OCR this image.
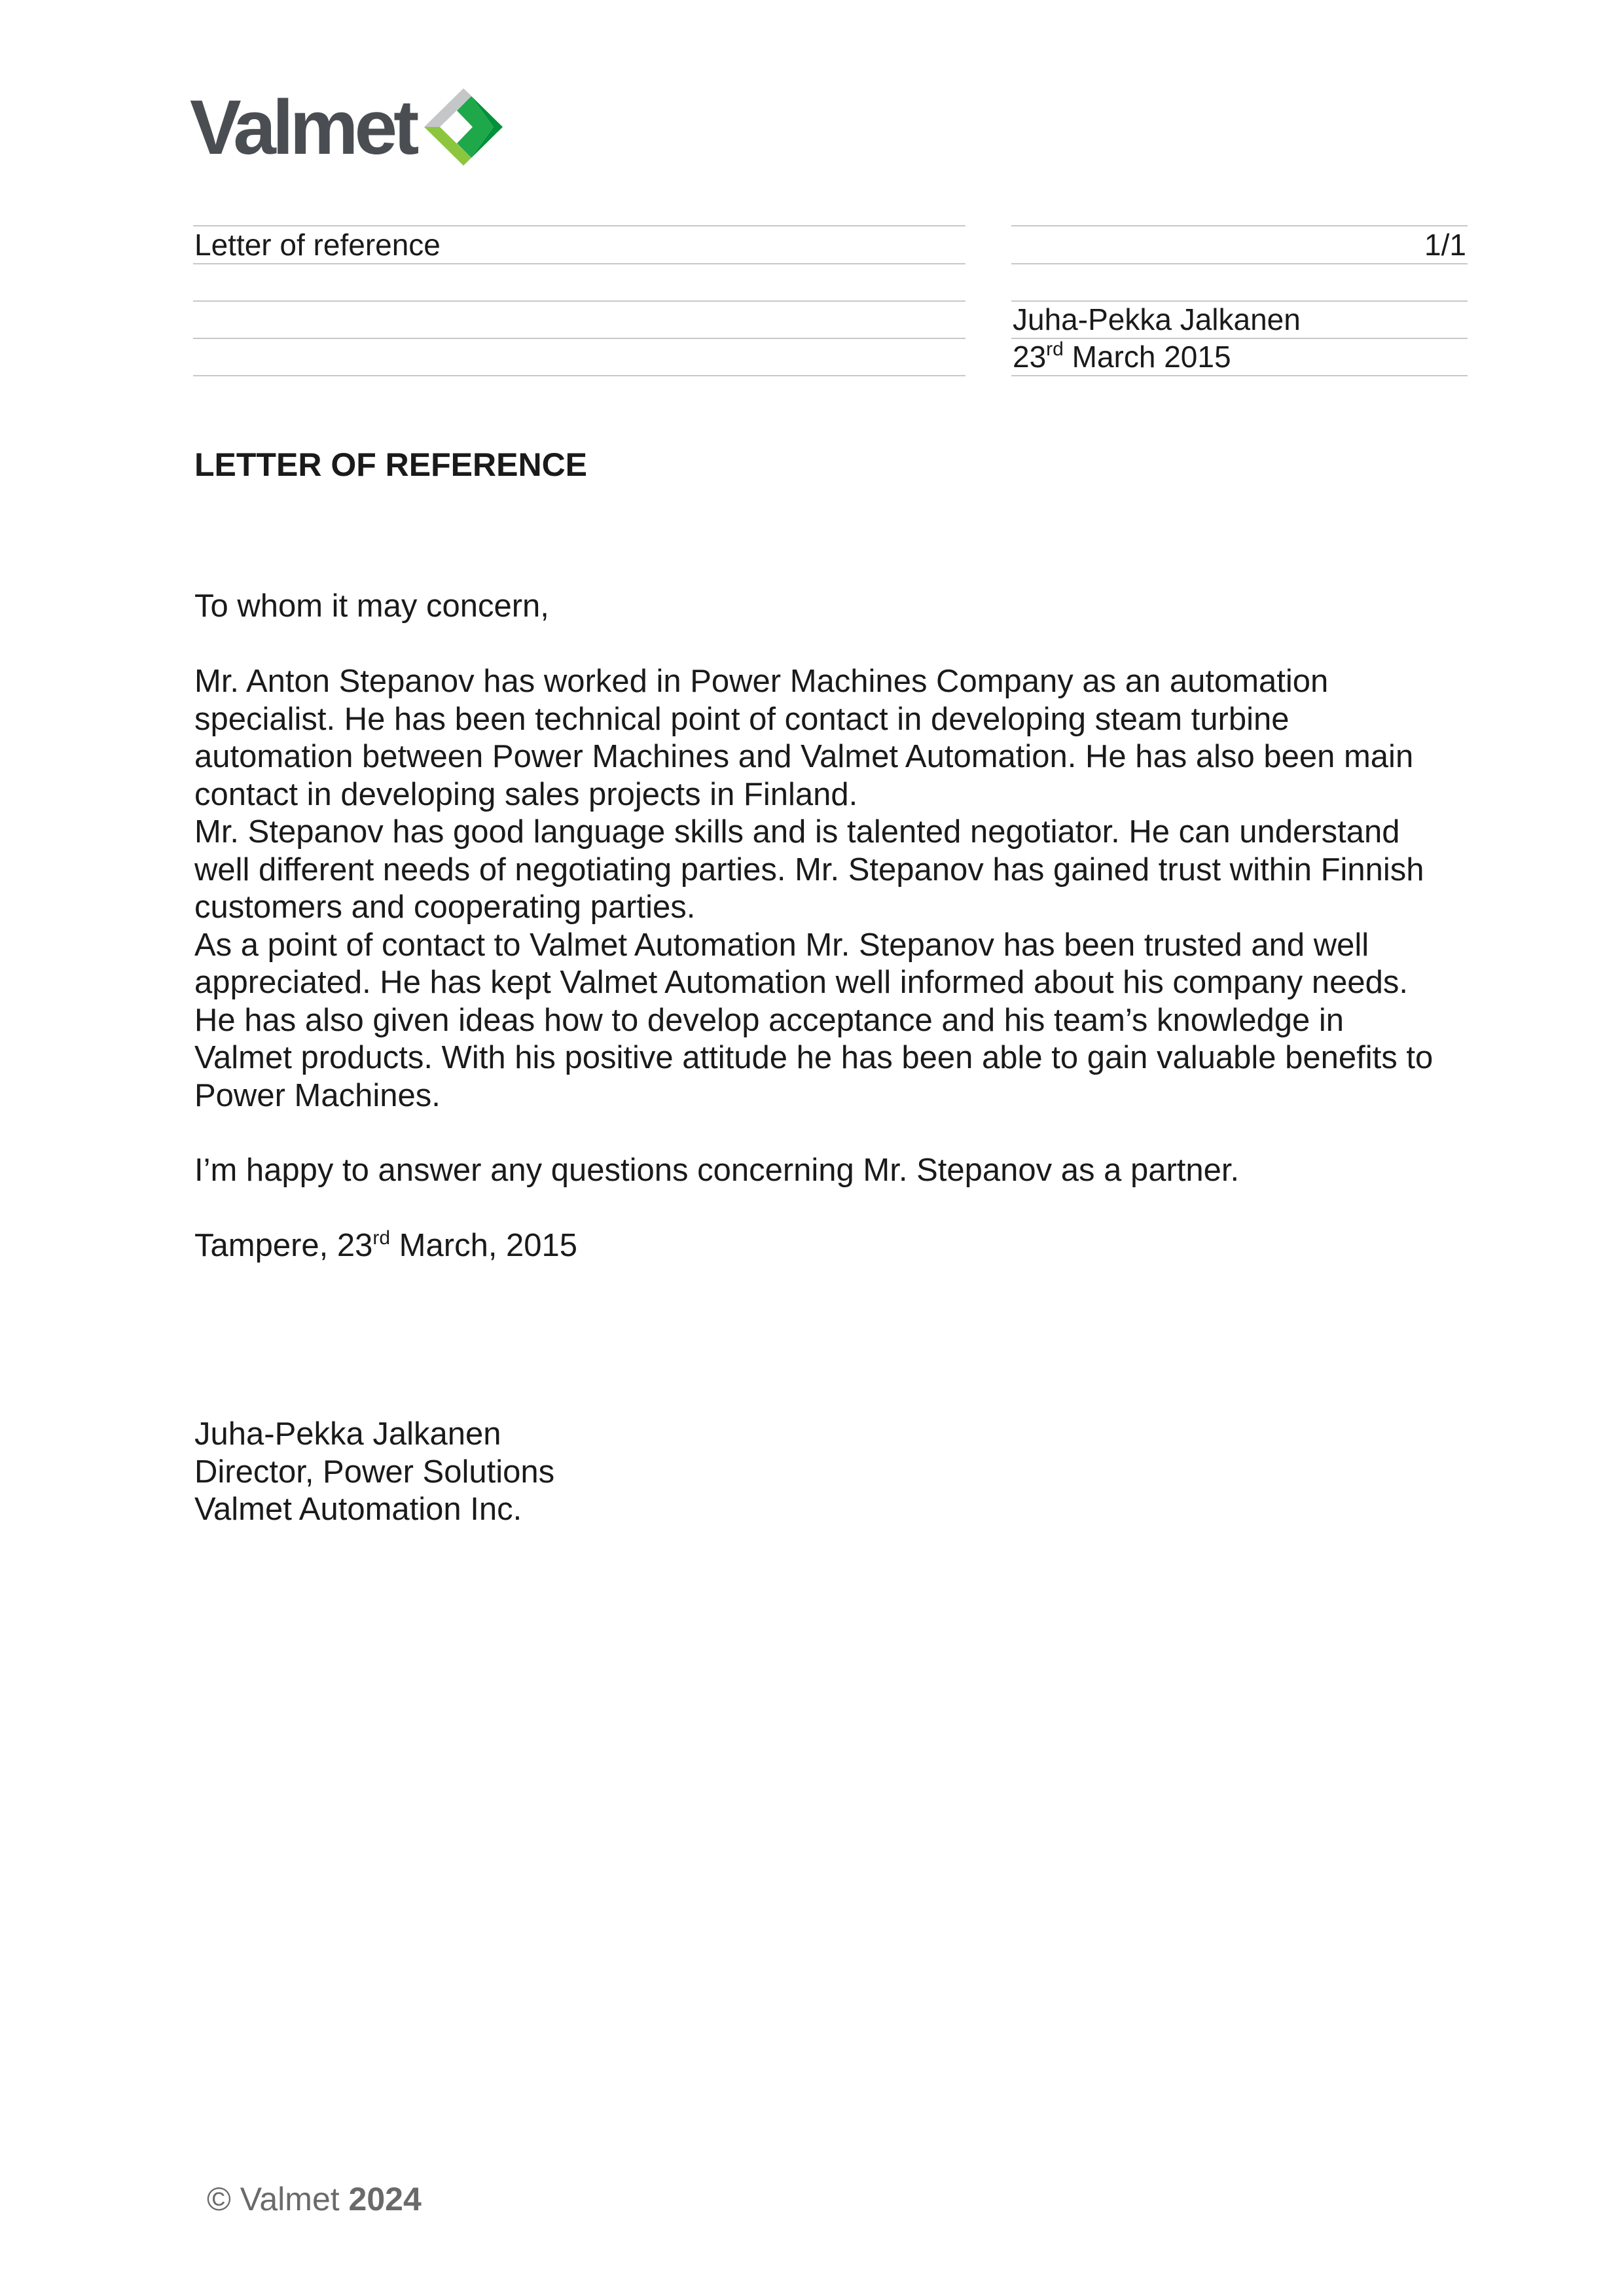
Valmet
Letter of reference	1/1
Juha-Pekka Jalkanen
23rd March 2015
LETTER OF REFERENCE
To whom it may concern,
Mr. Anton Stepanov has worked in Power Machines Company as an automation
specialist. He has been technical point of contact in developing steam turbine
automation between Power Machines and Valmet Automation. He has also been main
contact in developing sales projects in Finland.
Mr. Stepanov has good language skills and is talented negotiator. He can understand
well different needs of negotiating parties. Mr. Stepanov has gained trust within Finnish
customers and cooperating parties.
As a point of contact to Valmet Automation Mr. Stepanov has been trusted and well
appreciated. He has kept Valmet Automation well informed about his company needs.
He has also given ideas how to develop acceptance and his team’s knowledge in
Valmet products. With his positive attitude he has been able to gain valuable benefits to
Power Machines.
I’m happy to answer any questions concerning Mr. Stepanov as a partner.
Tampere, 23rd March, 2015
Juha-Pekka Jalkanen
Director, Power Solutions
Valmet Automation Inc.
© Valmet 2024
